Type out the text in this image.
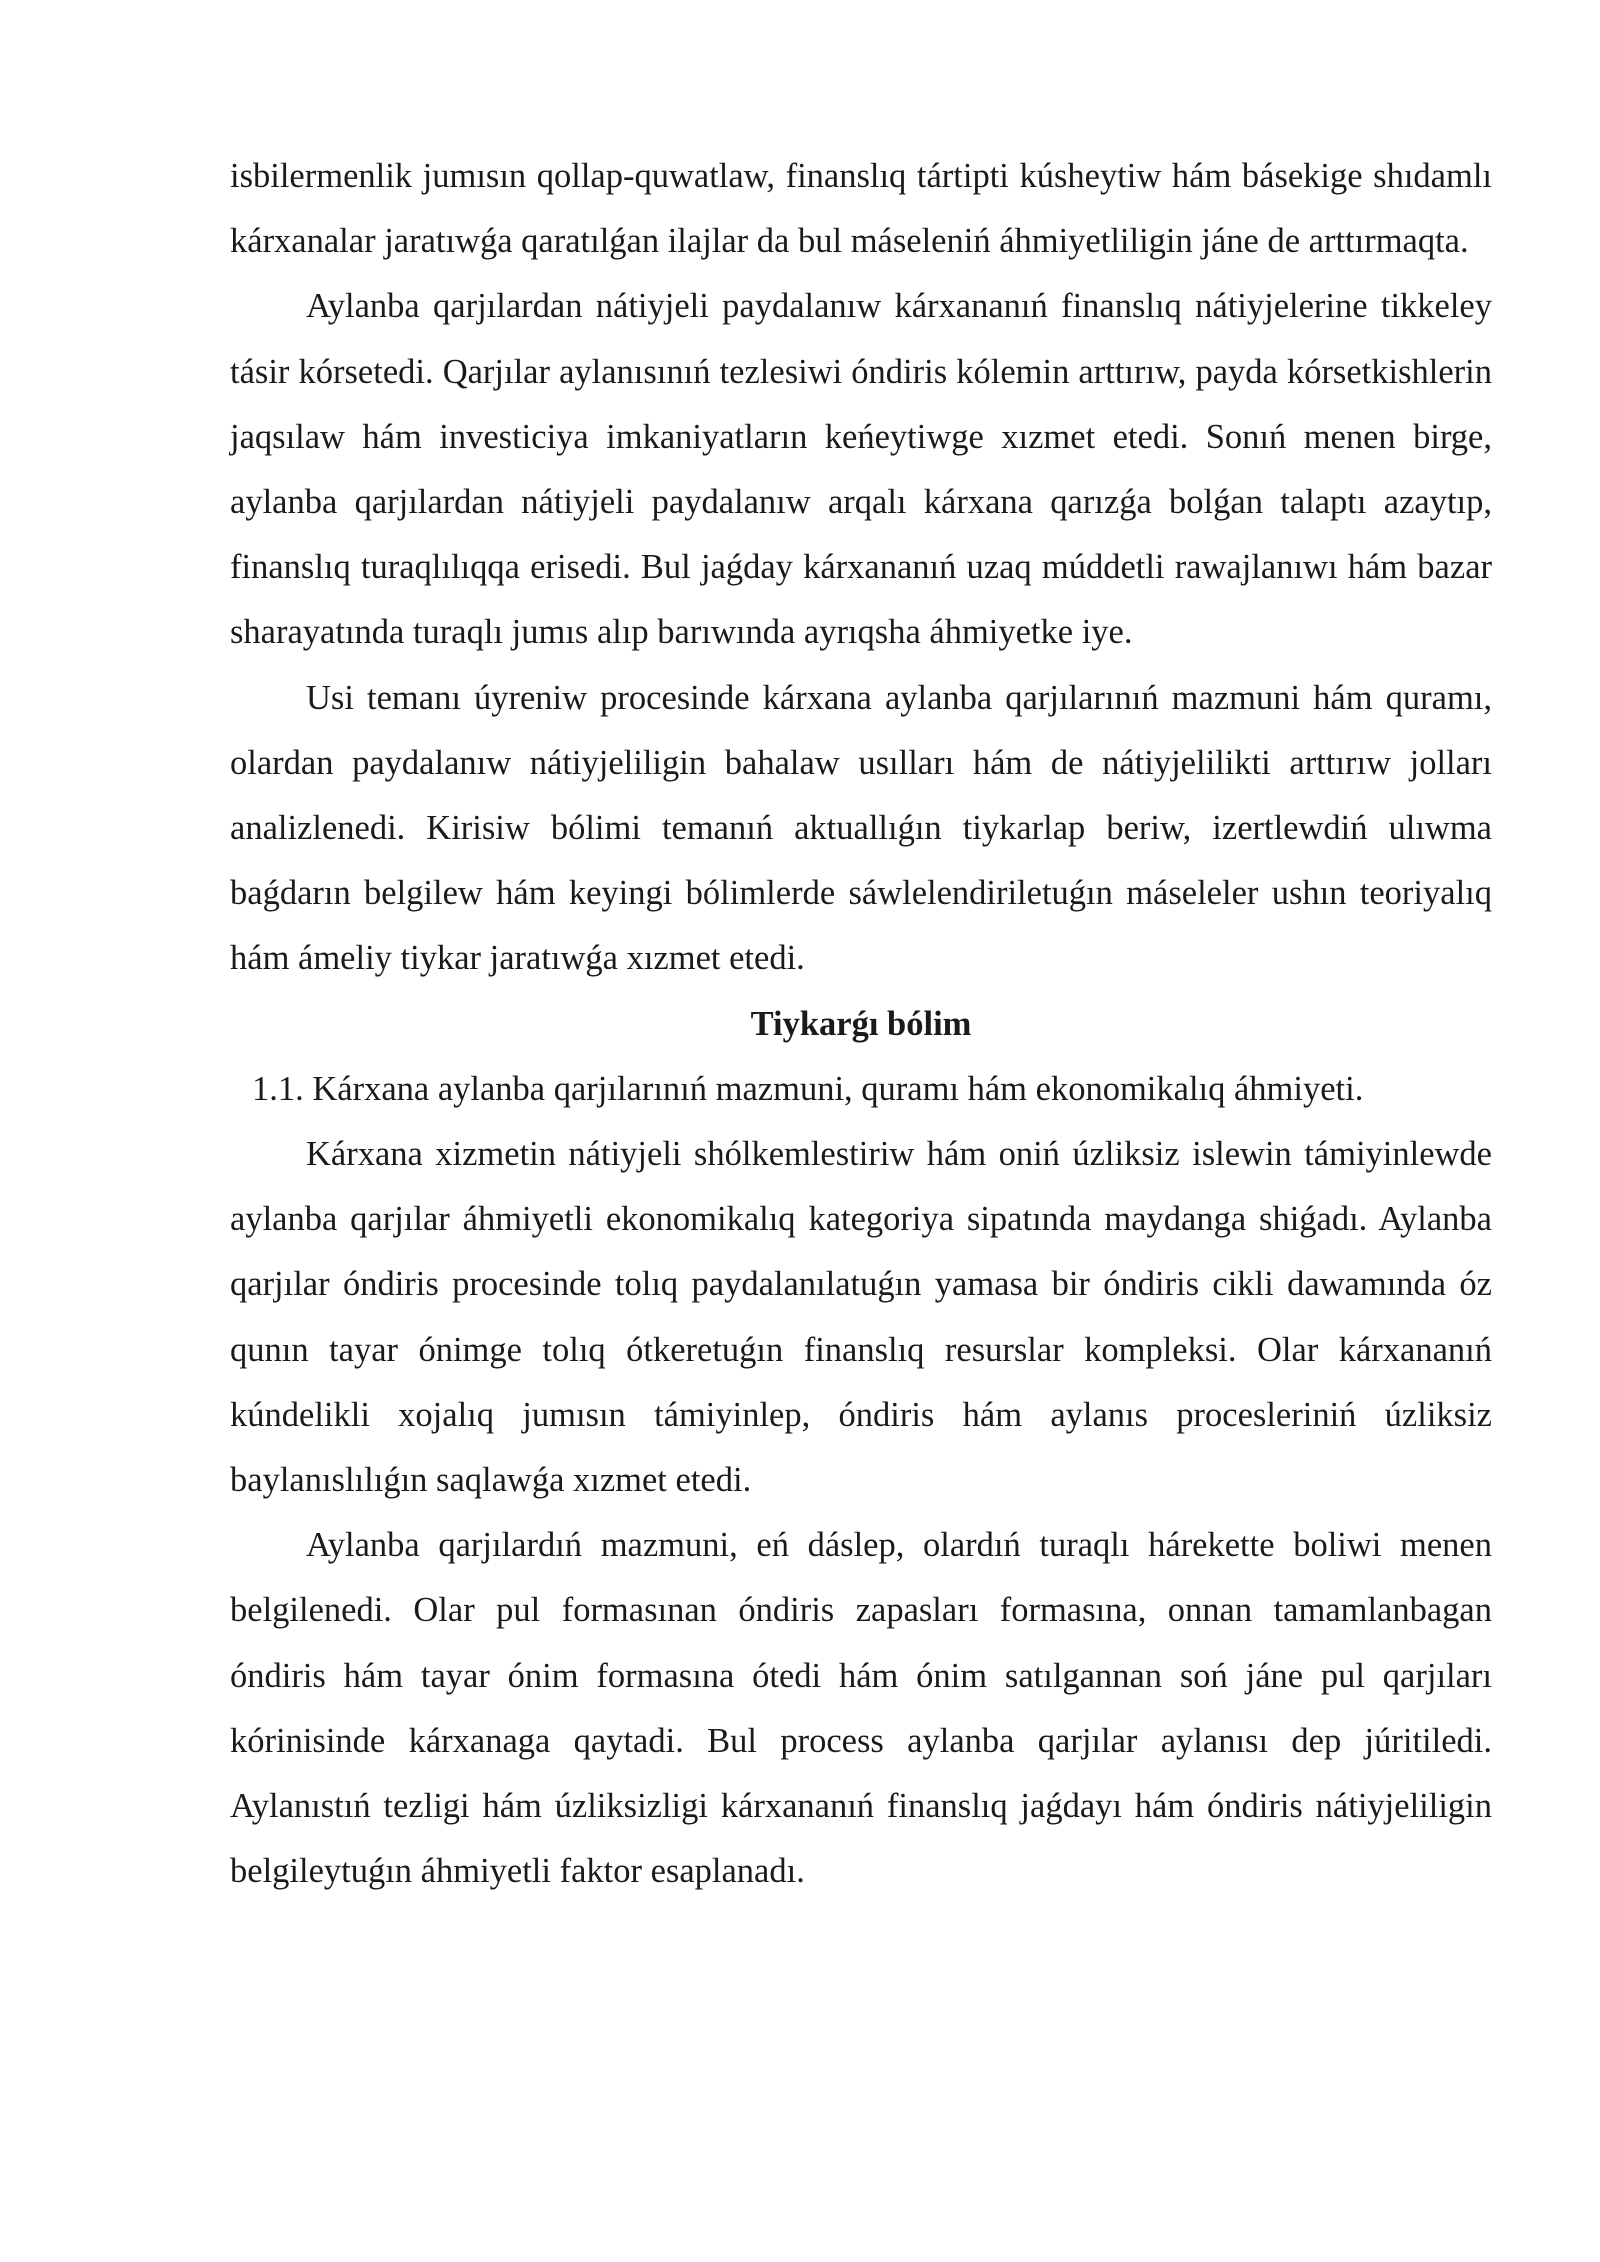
isbilermenlik jumısın qollap-quwatlaw, finanslıq tártipti kúsheytiw hám básekige shıdamlı kárxanalar jaratıwǵa qaratılǵan ilajlar da bul máseleniń áhmiyetliligin jáne de arttırmaqta.

Aylanba qarjılardan nátiyjeli paydalanıw kárxananıń finanslıq nátiyjelerine tikkeley tásir kórsetedi. Qarjılar aylanısınıń tezlesiwi óndiris kólemin arttırıw, payda kórsetkishlerin jaqsılaw hám investiciya imkaniyatların keńeytiwge xızmet etedi. Sonıń menen birge, aylanba qarjılardan nátiyjeli paydalanıw arqalı kárxana qarızǵa bolǵan talaptı azaytıp, finanslıq turaqlılıqqa erisedi. Bul jaǵday kárxananıń uzaq múddetli rawajlanıwı hám bazar sharayatında turaqlı jumıs alıp barıwında ayrıqsha áhmiyetke iye.

Usi temanı úyreniw procesinde kárxana aylanba qarjılarınıń mazmuni hám quramı, olardan paydalanıw nátiyjeliligin bahalaw usılları hám de nátiyjelilikti arttırıw jolları analizlenedi. Kirisiw bólimi temanıń aktuallıǵın tiykarlap beriw, izertlewdiń ulıwma baǵdarın belgilew hám keyingi bólimlerde sáwlelendiriletuǵın máseleler ushın teoriyalıq hám ámeliy tiykar jaratıwǵa xızmet etedi.

Tiykarǵı bólim

1.1. Kárxana aylanba qarjılarınıń mazmuni, quramı hám ekonomikalıq áhmiyeti.

Kárxana xizmetin nátiyjeli shólkemlestiriw hám oniń úzliksiz islewin támiyinlewde aylanba qarjılar áhmiyetli ekonomikalıq kategoriya sipatında maydanga shiǵadı. Aylanba qarjılar óndiris procesinde tolıq paydalanılatuǵın yamasa bir óndiris cikli dawamında óz qunın tayar ónimge tolıq ótkeretuǵın finanslıq resurslar kompleksi. Olar kárxananıń kúndelikli xojalıq jumısın támiyinlep, óndiris hám aylanıs procesleriniń úzliksiz baylanıslılıǵın saqlawǵa xızmet etedi.

Aylanba qarjılardıń mazmuni, eń dáslep, olardıń turaqlı hárekette boliwi menen belgilenedi. Olar pul formasınan óndiris zapasları formasına, onnan tamamlanbagan óndiris hám tayar ónim formasına ótedi hám ónim satılgannan soń jáne pul qarjıları kórinisinde kárxanaga qaytadi. Bul process aylanba qarjılar aylanısı dep júritiledi. Aylanıstıń tezligi hám úzliksizligi kárxananıń finanslıq jaǵdayı hám óndiris nátiyjeliligin belgileytuǵın áhmiyetli faktor esaplanadı.
